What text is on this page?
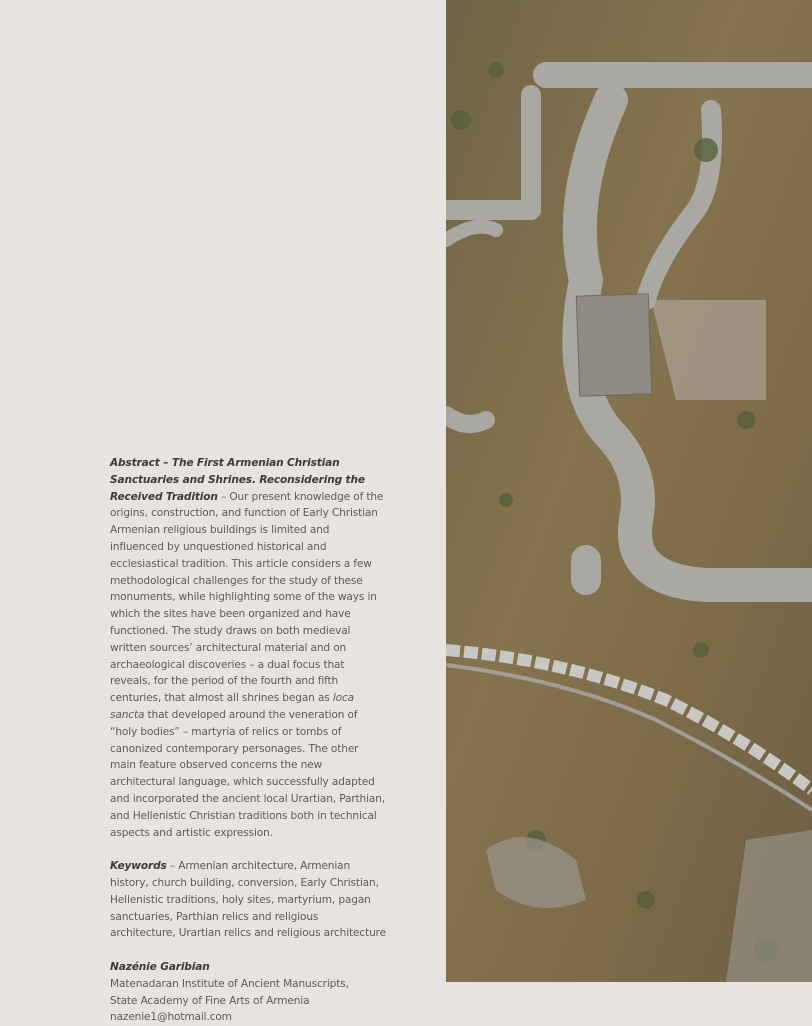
Abstract – The First Armenian Christian Sanctuaries and Shrines. Reconsidering the Received Tradition – Our present knowledge of the origins, construction, and function of Early Christian Armenian religious buildings is limited and influenced by unquestioned historical and ecclesiastical tradition. This article considers a few methodological challenges for the study of these monuments, while highlighting some of the ways in which the sites have been organized and have functioned. The study draws on both medieval written sources’ architectural material and on archaeological discoveries – a dual focus that reveals, for the period of the fourth and fifth centuries, that almost all shrines began as loca sancta that developed around the veneration of “holy bodies” – martyria of relics or tombs of canonized contemporary personages. The other main feature observed concerns the new architectural language, which successfully adapted and incorporated the ancient local Urartian, Parthian, and Hellenistic Christian traditions both in technical aspects and artistic expression.

Keywords – Armenian architecture, Armenian history, church building, conversion, Early Christian, Hellenistic traditions, holy sites, martyrium, pagan sanctuaries, Parthian relics and religious architecture, Urartian relics and religious architecture

Nazénie Garibian
Matenadaran Institute of Ancient Manuscripts,
State Academy of Fine Arts of Armenia
nazenie1@hotmail.com
